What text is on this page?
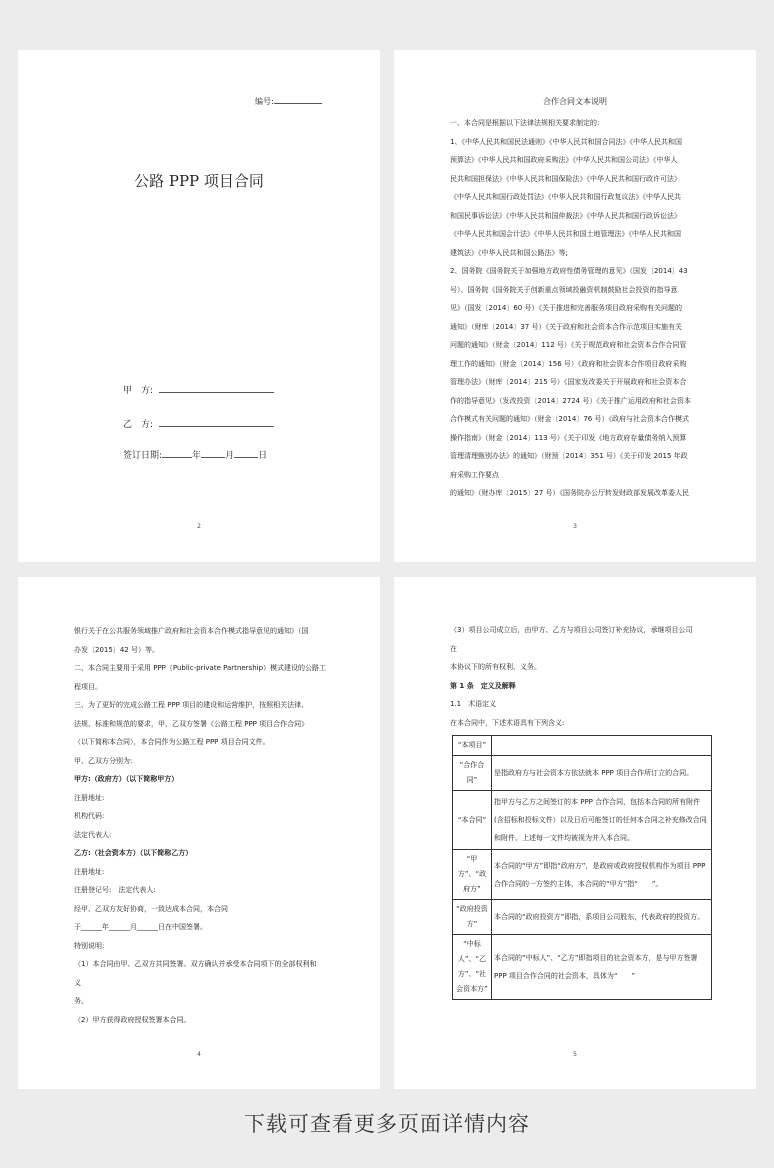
编号:
公路 PPP 项目合同
甲　方:
乙　方:
签订日期:	年	月	日
2
合作合同文本说明
一、本合同是根据以下法律法规相关要求制定的:
1、《中华人民共和国民法通则》《中华人民共和国合同法》《中华人民共和国
预算法》《中华人民共和国政府采购法》《中华人民共和国公司法》《中华人
民共和国担保法》《中华人民共和国保险法》《中华人民共和国行政许可法》
《中华人民共和国行政处罚法》《中华人民共和国行政复议法》《中华人民共
和国民事诉讼法》《中华人民共和国仲裁法》《中华人民共和国行政诉讼法》
《中华人民共和国会计法》《中华人民共和国土地管理法》《中华人民共和国
建筑法》《中华人民共和国公路法》等;
2、国务院《国务院关于加强地方政府性债务管理的意见》（国发〔2014〕43
号）、国务院《国务院关于创新重点领域投融资机制鼓励社会投资的指导意
见》（国发〔2014〕60 号）《关于推进和完善服务项目政府采购有关问题的
通知》（财库〔2014〕37 号）《关于政府和社会资本合作示范项目实施有关
问题的通知》（财金〔2014〕112 号）《关于规范政府和社会资本合作合同管
理工作的通知》（财金〔2014〕156 号）《政府和社会资本合作项目政府采购
管理办法》（财库〔2014〕215 号）《国家发改委关于开展政府和社会资本合
作的指导意见》（发改投资〔2014〕2724 号）《关于推广运用政府和社会资本
合作模式有关问题的通知》（财金〔2014〕76 号）《政府与社会资本合作模式
操作指南》（财金〔2014〕113 号）《关于印发《地方政府存量债务纳入预算
管理清理甄别办法》的通知》（财预〔2014〕351 号）《关于印发 2015 年政
府采购工作要点
的通知》（财办库〔2015〕27 号）《国务院办公厅转发财政部发展改革委人民
3
银行关于在公共服务领域推广政府和社会资本合作模式指导意见的通知》（国
办发〔2015〕42 号）等。
二、本合同主要用于采用 PPP（Public-private Partnership）模式建设的公路工
程项目。
三、为了更好的完成公路工程 PPP 项目的建设和运营维护，按照相关法律、
法规、标准和规范的要求，甲、乙双方签署《公路工程 PPP 项目合作合同》
（以下简称本合同），本合同作为公路工程 PPP 项目合同文件。
甲、乙双方分别为:
甲方:（政府方）（以下简称甲方）
注册地址:
机构代码:
法定代表人:
乙方:（社会资本方）（以下简称乙方）
注册地址:
注册登记号:　法定代表人:
经甲、乙双方友好协商，一致达成本合同，本合同
于______年______月______日在中国签署。
特别说明:
（1）本合同由甲、乙双方共同签署。双方确认并承受本合同项下的全部权利和
义
务。
（2）甲方获得政府授权签署本合同。
4
（3）项目公司成立后，由甲方、乙方与项目公司签订补充协议，承继项目公司
在
本协议下的所有权利、义务。
第 1 条　定义及解释
1.1　术语定义
在本合同中，下述术语具有下列含义:
“本项目”	
“合作合同”	是指政府方与社会资本方依法就本 PPP 项目合作所订立的合同。
“本合同”	指甲方与乙方之间签订的本 PPP 合作合同，包括本合同的所有附件(含招标和投标文件）以及日后可能签订的任何本合同之补充修改合同和附件。上述每一文件均被视为并入本合同。
“甲方”、“政府方”	本合同的“甲方”即指“政府方”，是政府或政府授权机构作为项目 PPP 合作合同的一方签约主体，本合同的“甲方”指“　　”。
“政府投资方”	本合同的“政府投资方”即指，系项目公司股东，代表政府的投资方。
“中标人”、“乙方”、“社会资本方”	本合同的“中标人”、“乙方”即指项目的社会资本方，是与甲方签署 PPP 项目合作合同的社会资本，具体为“　　”
5
下载可查看更多页面详情内容
